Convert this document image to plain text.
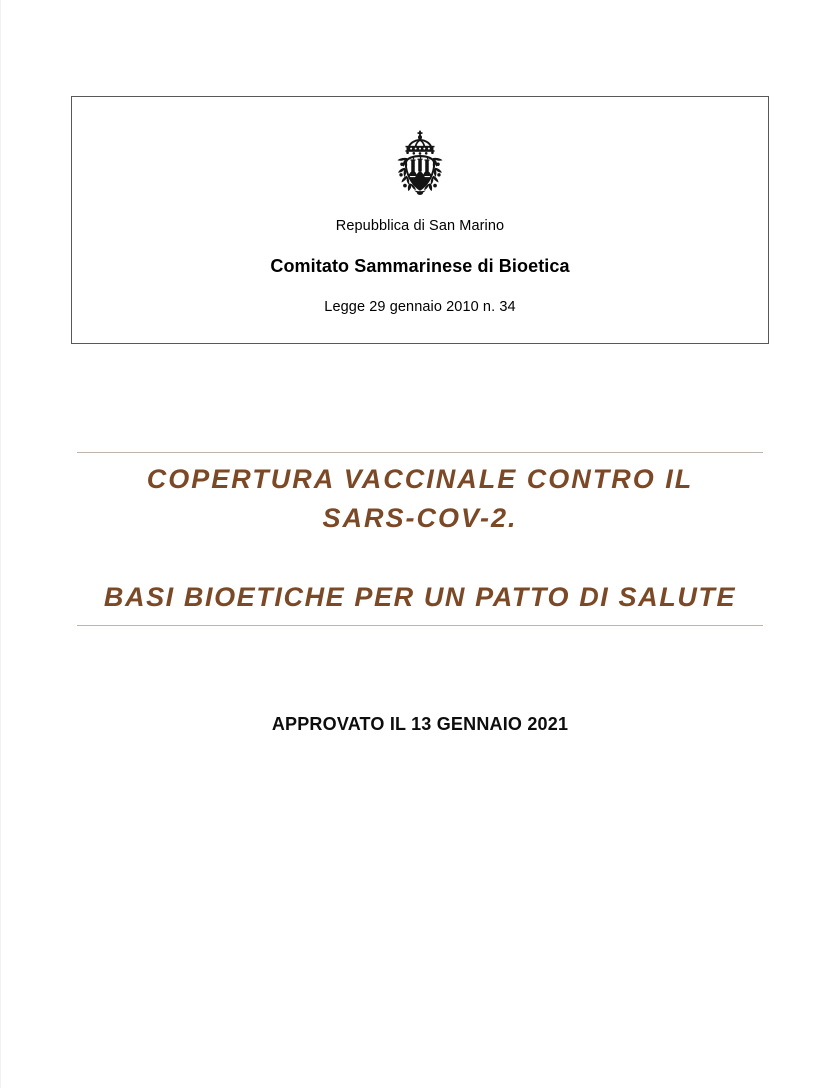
Repubblica di San Marino
Comitato Sammarinese di Bioetica
Legge 29 gennaio 2010 n. 34
COPERTURA VACCINALE CONTRO IL
SARS-COV-2.
BASI BIOETICHE PER UN PATTO DI SALUTE
APPROVATO IL 13 GENNAIO 2021
